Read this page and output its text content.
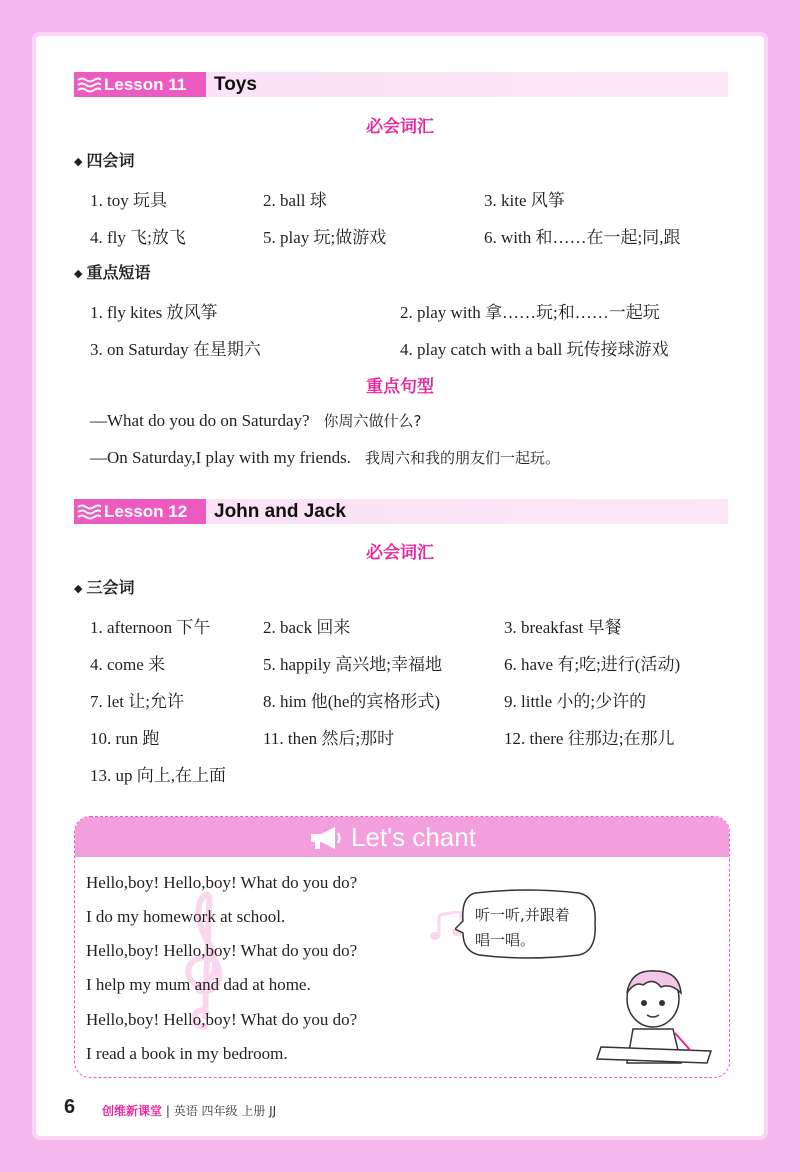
Lesson 11 Toys
必会词汇
◆ 四会词
1. toy 玩具	2. ball 球	3. kite 风筝
4. fly 飞;放飞	5. play 玩;做游戏	6. with 和……在一起;同,跟
◆ 重点短语
1. fly kites 放风筝	2. play with 拿……玩;和……一起玩
3. on Saturday 在星期六	4. play catch with a ball 玩传接球游戏
重点句型
—What do you do on Saturday? 你周六做什么?
—On Saturday,I play with my friends. 我周六和我的朋友们一起玩。
Lesson 12 John and Jack
必会词汇
◆ 三会词
1. afternoon 下午	2. back 回来	3. breakfast 早餐
4. come 来	5. happily 高兴地;幸福地	6. have 有;吃;进行(活动)
7. let 让;允许	8. him 他(he的宾格形式)	9. little 小的;少许的
10. run 跑	11. then 然后;那时	12. there 往那边;在那儿
13. up 向上,在上面
Let's chant
Hello,boy! Hello,boy! What do you do?
I do my homework at school.
Hello,boy! Hello,boy! What do you do?
I help my mum and dad at home.
Hello,boy! Hello,boy! What do you do?
I read a book in my bedroom.
听一听,并跟着
唱一唱。
6 创维新课堂 | 英语 四年级 上册 JJ
